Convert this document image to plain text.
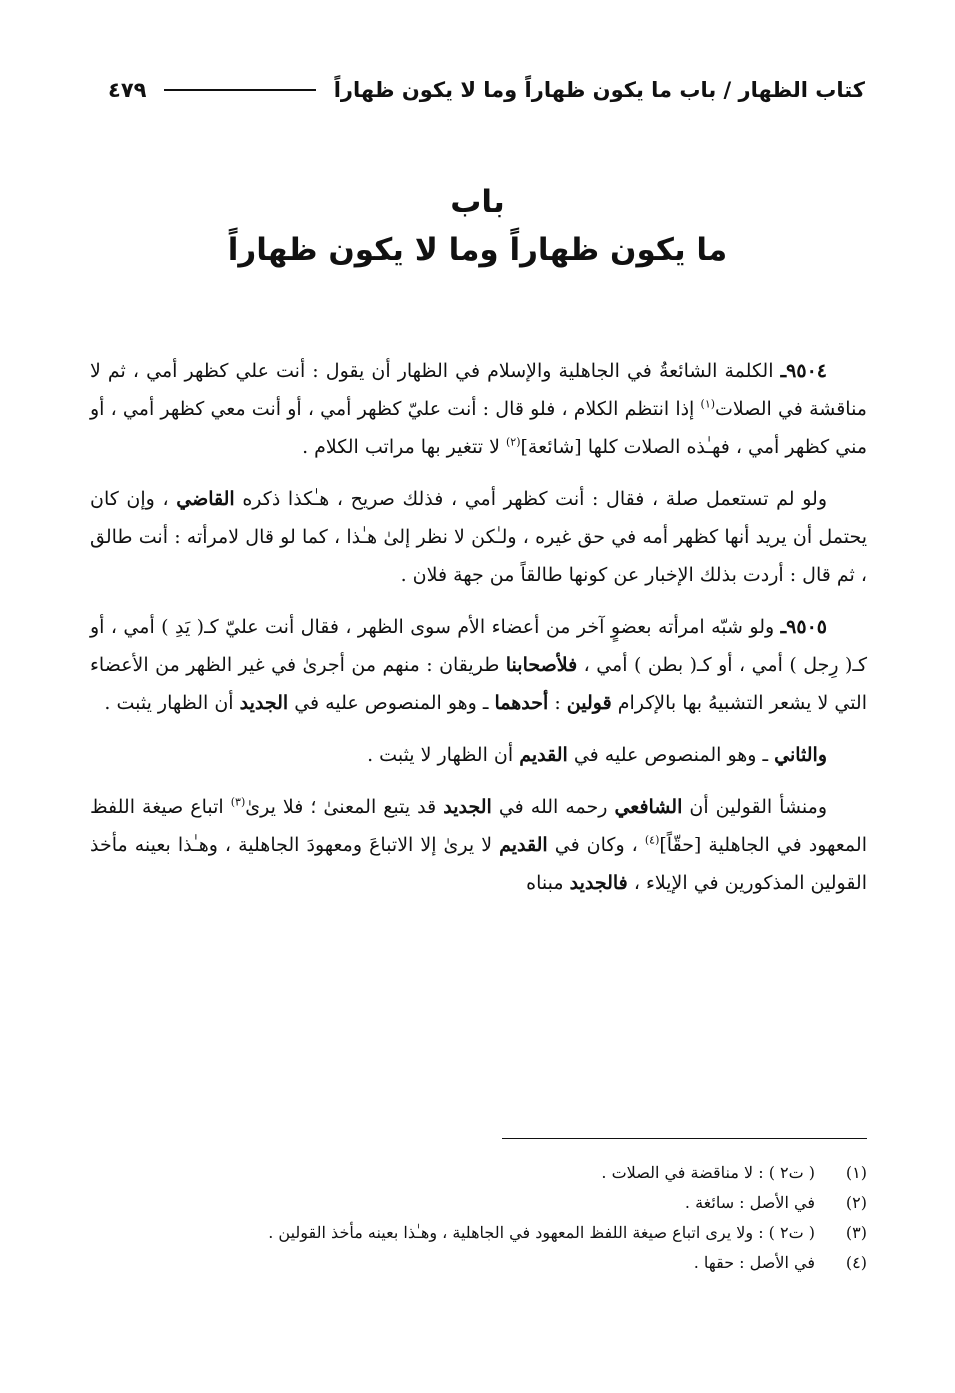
كتاب الظهار / باب ما يكون ظهاراً وما لا يكون ظهاراً
٤٧٩
باب
ما يكون ظهاراً وما لا يكون ظهاراً

٩٥٠٤ـ الكلمة الشائعةُ في الجاهلية والإسلام في الظهار أن يقول : أنت علي كظهر أمي ، ثم لا مناقشة في الصلات$^{(١)}$ إذا انتظم الكلام ، فلو قال : أنت عليّ كظهر أمي ، أو أنت معي كظهر أمي ، أو مني كظهر أمي ، فهـٰذه الصلات كلها [شائعة]$^{(٢)}$ لا تتغير بها مراتب الكلام .

ولو لم تستعمل صلة ، فقال : أنت كظهر أمي ، فذلك صريح ، هـٰكذا ذكره القاضي ، وإن كان يحتمل أن يريد أنها كظهر أمه في حق غيره ، ولـٰكن لا نظر إلىٰ هـٰذا ، كما لو قال لامرأته : أنت طالق ، ثم قال : أردت بذلك الإخبار عن كونها طالقاً من جهة فلان .

٩٥٠٥ـ ولو شبّه امرأته بعضوٍ آخر من أعضاء الأم سوى الظهر ، فقال أنت عليّ كـ( يَدِ ) أمي ، أو كـ( رِجل ) أمي ، أو كـ( بطن ) أمي ، فلأصحابنا طريقان : منهم من أجرىٰ في غير الظهر من الأعضاء التي لا يشعر التشبيهُ بها بالإكرام قولين : أحدهما ـ وهو المنصوص عليه في الجديد أن الظهار يثبت .

والثاني ـ وهو المنصوص عليه في القديم أن الظهار لا يثبت .

ومنشأ القولين أن الشافعي رحمه الله في الجديد قد يتبع المعنىٰ ؛ فلا يرىٰ$^{(٣)}$ اتباع صيغة اللفظ المعهود في الجاهلية [حقّاً]$^{(٤)}$ ، وكان في القديم لا يرىٰ إلا الاتباعَ ومعهودَ الجاهلية ، وهـٰذا بعينه مأخذ القولين المذكورين في الإيلاء ، فالجديد مبناه

(١)
( ت٢ ) : لا مناقضة في الصلات .
(٢)
في الأصل : سائغة .
(٣)
( ت٢ ) : ولا يرى اتباع صيغة اللفظ المعهود في الجاهلية ، وهـٰذا بعينه مأخذ القولين .
(٤)
في الأصل : حقها .
